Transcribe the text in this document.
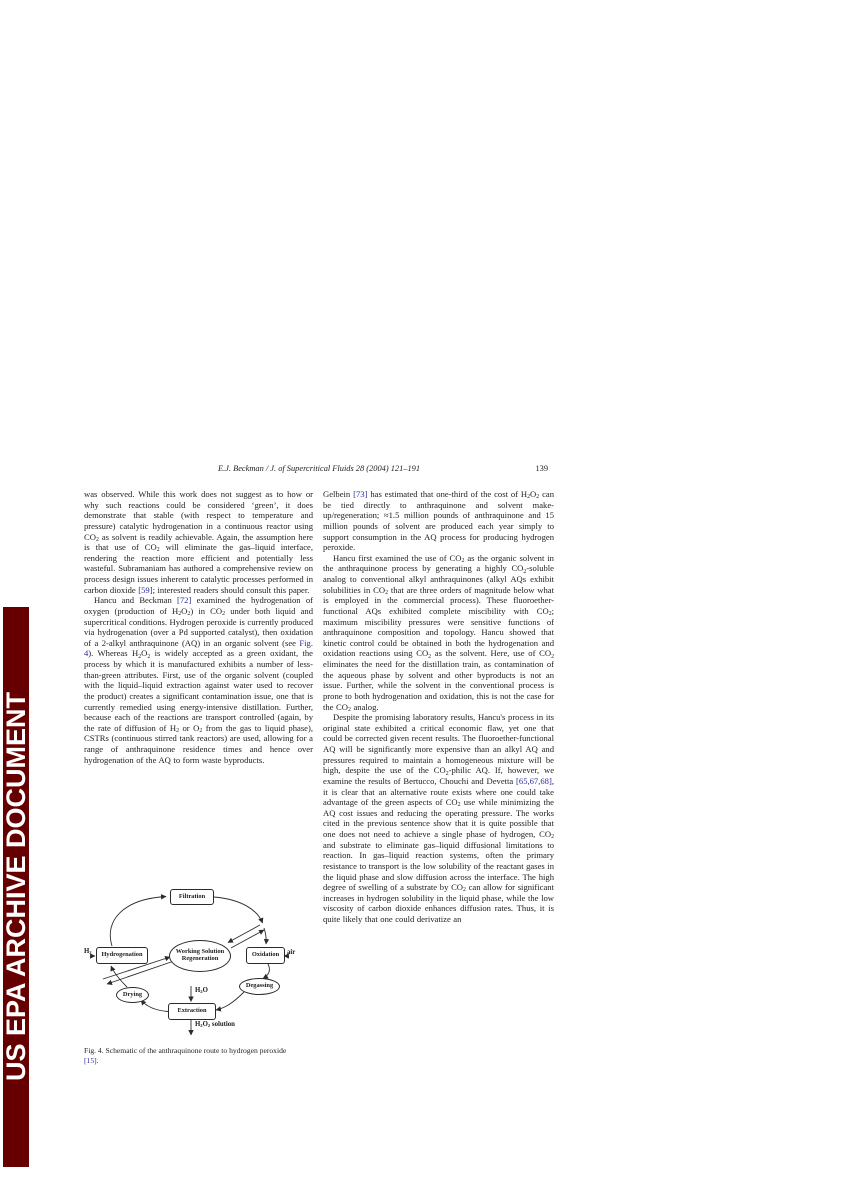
US EPA ARCHIVE DOCUMENT
E.J. Beckman / J. of Supercritical Fluids 28 (2004) 121–191	139

was observed. While this work does not suggest as to how or why such reactions could be considered ‘green’, it does demonstrate that stable (with respect to temperature and pressure) catalytic hydrogenation in a continuous reactor using $CO_2$ as solvent is readily achievable. Again, the assumption here is that use of $CO_2$ will eliminate the gas–liquid interface, rendering the reaction more efficient and potentially less wasteful. Subramaniam has authored a comprehensive review on process design issues inherent to catalytic processes performed in carbon dioxide [59]; interested readers should consult this paper.

Hancu and Beckman [72] examined the hydrogenation of oxygen (production of $H_2O_2$) in $CO_2$ under both liquid and supercritical conditions. Hydrogen peroxide is currently produced via hydrogenation (over a Pd supported catalyst), then oxidation of a 2-alkyl anthraquinone (AQ) in an organic solvent (see Fig. 4). Whereas $H_2O_2$ is widely accepted as a green oxidant, the process by which it is manufactured exhibits a number of less-than-green attributes. First, use of the organic solvent (coupled with the liquid–liquid extraction against water used to recover the product) creates a significant contamination issue, one that is currently remedied using energy-intensive distillation. Further, because each of the reactions are transport controlled (again, by the rate of diffusion of $H_2$ or $O_2$ from the gas to liquid phase), CSTRs (continuous stirred tank reactors) are used, allowing for a range of anthraquinone residence times and hence over hydrogenation of the AQ to form waste byproducts.

Gelbein [73] has estimated that one-third of the cost of $H_2O_2$ can be tied directly to anthraquinone and solvent make-up/regeneration; ≈1.5 million pounds of anthraquinone and 15 million pounds of solvent are produced each year simply to support consumption in the AQ process for producing hydrogen peroxide.

Hancu first examined the use of $CO_2$ as the organic solvent in the anthraquinone process by generating a highly $CO_2$-soluble analog to conventional alkyl anthraquinones (alkyl AQs exhibit solubilities in $CO_2$ that are three orders of magnitude below what is employed in the commercial process). These fluoroether-functional AQs exhibited complete miscibility with $CO_2$; maximum miscibility pressures were sensitive functions of anthraquinone composition and topology. Hancu showed that kinetic control could be obtained in both the hydrogenation and oxidation reactions using $CO_2$ as the solvent. Here, use of $CO_2$ eliminates the need for the distillation train, as contamination of the aqueous phase by solvent and other byproducts is not an issue. Further, while the solvent in the conventional process is prone to both hydrogenation and oxidation, this is not the case for the $CO_2$ analog.

Despite the promising laboratory results, Hancu's process in its original state exhibited a critical economic flaw, yet one that could be corrected given recent results. The fluoroether-functional AQ will be significantly more expensive than an alkyl AQ and pressures required to maintain a homogeneous mixture will be high, despite the use of the $CO_2$-philic AQ. If, however, we examine the results of Bertucco, Chouchi and Devetta [65,67,68], it is clear that an alternative route exists where one could take advantage of the green aspects of $CO_2$ use while minimizing the AQ cost issues and reducing the operating pressure. The works cited in the previous sentence show that it is quite possible that one does not need to achieve a single phase of hydrogen, $CO_2$ and substrate to eliminate gas–liquid diffusional limitations to reaction. In gas–liquid reaction systems, often the primary resistance to transport is the low solubility of the reactant gases in the liquid phase and slow diffusion across the interface. The high degree of swelling of a substrate by $CO_2$ can allow for significant increases in hydrogen solubility in the liquid phase, while the low viscosity of carbon dioxide enhances diffusion rates. Thus, it is quite likely that one could derivatize an

Filtration
Hydrogenation	Working Solution
Regeneration
Oxidation
Degassing
Drying
Extraction
$H_2$	air
$H_2O$
$H_2O_2$ solution
Fig. 4. Schematic of the anthraquinone route to hydrogen peroxide
[15].
